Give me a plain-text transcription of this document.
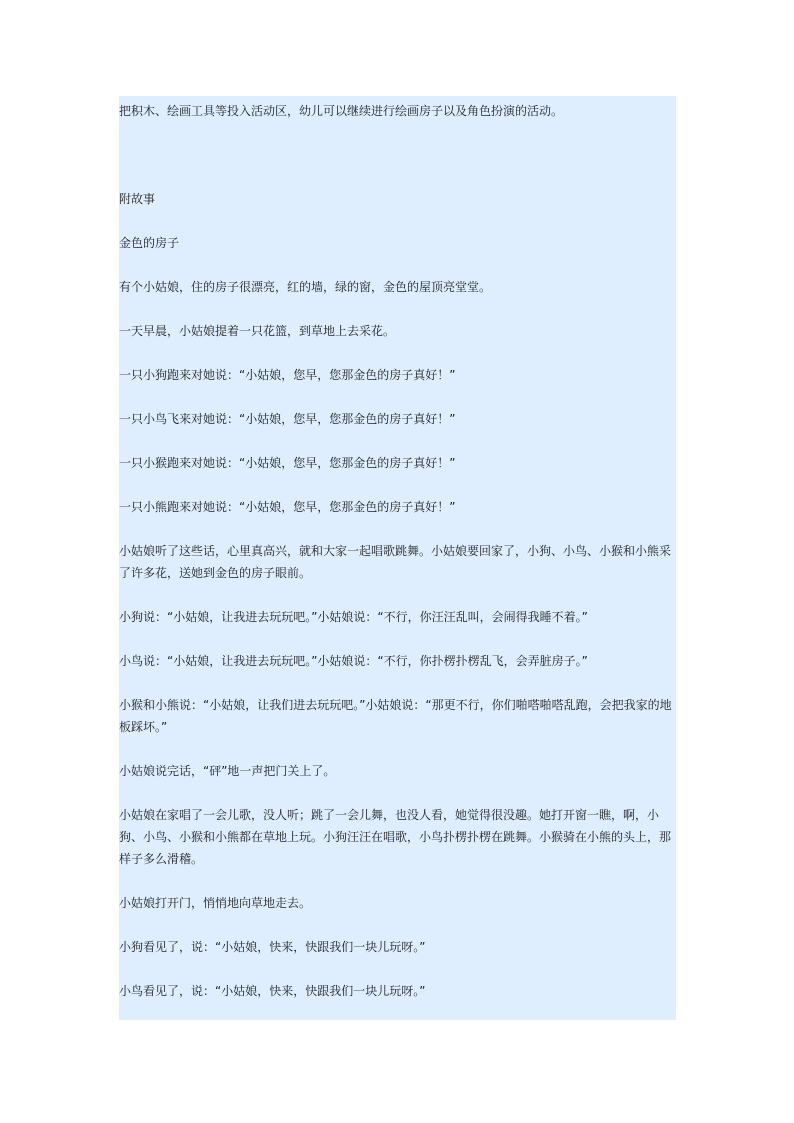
把积木、绘画工具等投入活动区，幼儿可以继续进行绘画房子以及角色扮演的活动。

附故事

金色的房子

有个小姑娘，住的房子很漂亮，红的墙，绿的窗，金色的屋顶亮堂堂。

一天早晨，小姑娘提着一只花篮，到草地上去采花。

一只小狗跑来对她说：“小姑娘，您早，您那金色的房子真好！”

一只小鸟飞来对她说：“小姑娘，您早，您那金色的房子真好！”

一只小猴跑来对她说：“小姑娘，您早，您那金色的房子真好！”

一只小熊跑来对她说：“小姑娘，您早，您那金色的房子真好！”

小姑娘听了这些话，心里真高兴，就和大家一起唱歌跳舞。小姑娘要回家了，小狗、小鸟、小猴和小熊采了许多花，送她到金色的房子眼前。

小狗说：“小姑娘，让我进去玩玩吧。”小姑娘说：“不行，你汪汪乱叫，会闹得我睡不着。”

小鸟说：“小姑娘，让我进去玩玩吧。”小姑娘说：“不行，你扑楞扑楞乱飞，会弄脏房子。”

小猴和小熊说：“小姑娘，让我们进去玩玩吧。”小姑娘说：“那更不行，你们啪嗒啪嗒乱跑，会把我家的地板踩坏。”

小姑娘说完话，“砰”地一声把门关上了。

小姑娘在家唱了一会儿歌，没人听；跳了一会儿舞，也没人看，她觉得很没趣。她打开窗一瞧，啊，小狗、小鸟、小猴和小熊都在草地上玩。小狗汪汪在唱歌，小鸟扑楞扑楞在跳舞。小猴骑在小熊的头上，那样子多么滑稽。

小姑娘打开门，悄悄地向草地走去。

小狗看见了，说：“小姑娘，快来，快跟我们一块儿玩呀。”

小鸟看见了，说：“小姑娘，快来，快跟我们一块儿玩呀。”
